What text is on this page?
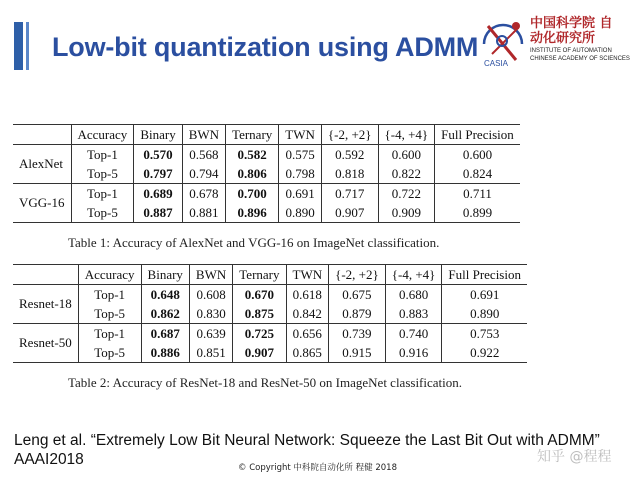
Low-bit quantization using ADMM
CASIA
中国科学院 自动化研究所
INSTITUTE OF AUTOMATION
CHINESE ACADEMY OF SCIENCES
	Accuracy	Binary	BWN	Ternary	TWN	{-2, +2}	{-4, +4}	Full Precision
AlexNet	Top-1	0.570	0.568	0.582	0.575	0.592	0.600	0.600
	Top-5	0.797	0.794	0.806	0.798	0.818	0.822	0.824
VGG-16	Top-1	0.689	0.678	0.700	0.691	0.717	0.722	0.711
	Top-5	0.887	0.881	0.896	0.890	0.907	0.909	0.899
Table 1: Accuracy of AlexNet and VGG-16 on ImageNet classification.
	Accuracy	Binary	BWN	Ternary	TWN	{-2, +2}	{-4, +4}	Full Precision
Resnet-18	Top-1	0.648	0.608	0.670	0.618	0.675	0.680	0.691
	Top-5	0.862	0.830	0.875	0.842	0.879	0.883	0.890
Resnet-50	Top-1	0.687	0.639	0.725	0.656	0.739	0.740	0.753
	Top-5	0.886	0.851	0.907	0.865	0.915	0.916	0.922
Table 2: Accuracy of ResNet-18 and ResNet-50 on ImageNet classification.
Leng et al. “Extremely Low Bit Neural Network: Squeeze the Last Bit Out with ADMM”
AAAI2018	© Copyright 中科院自动化所 程健 2018
知乎 @程程
